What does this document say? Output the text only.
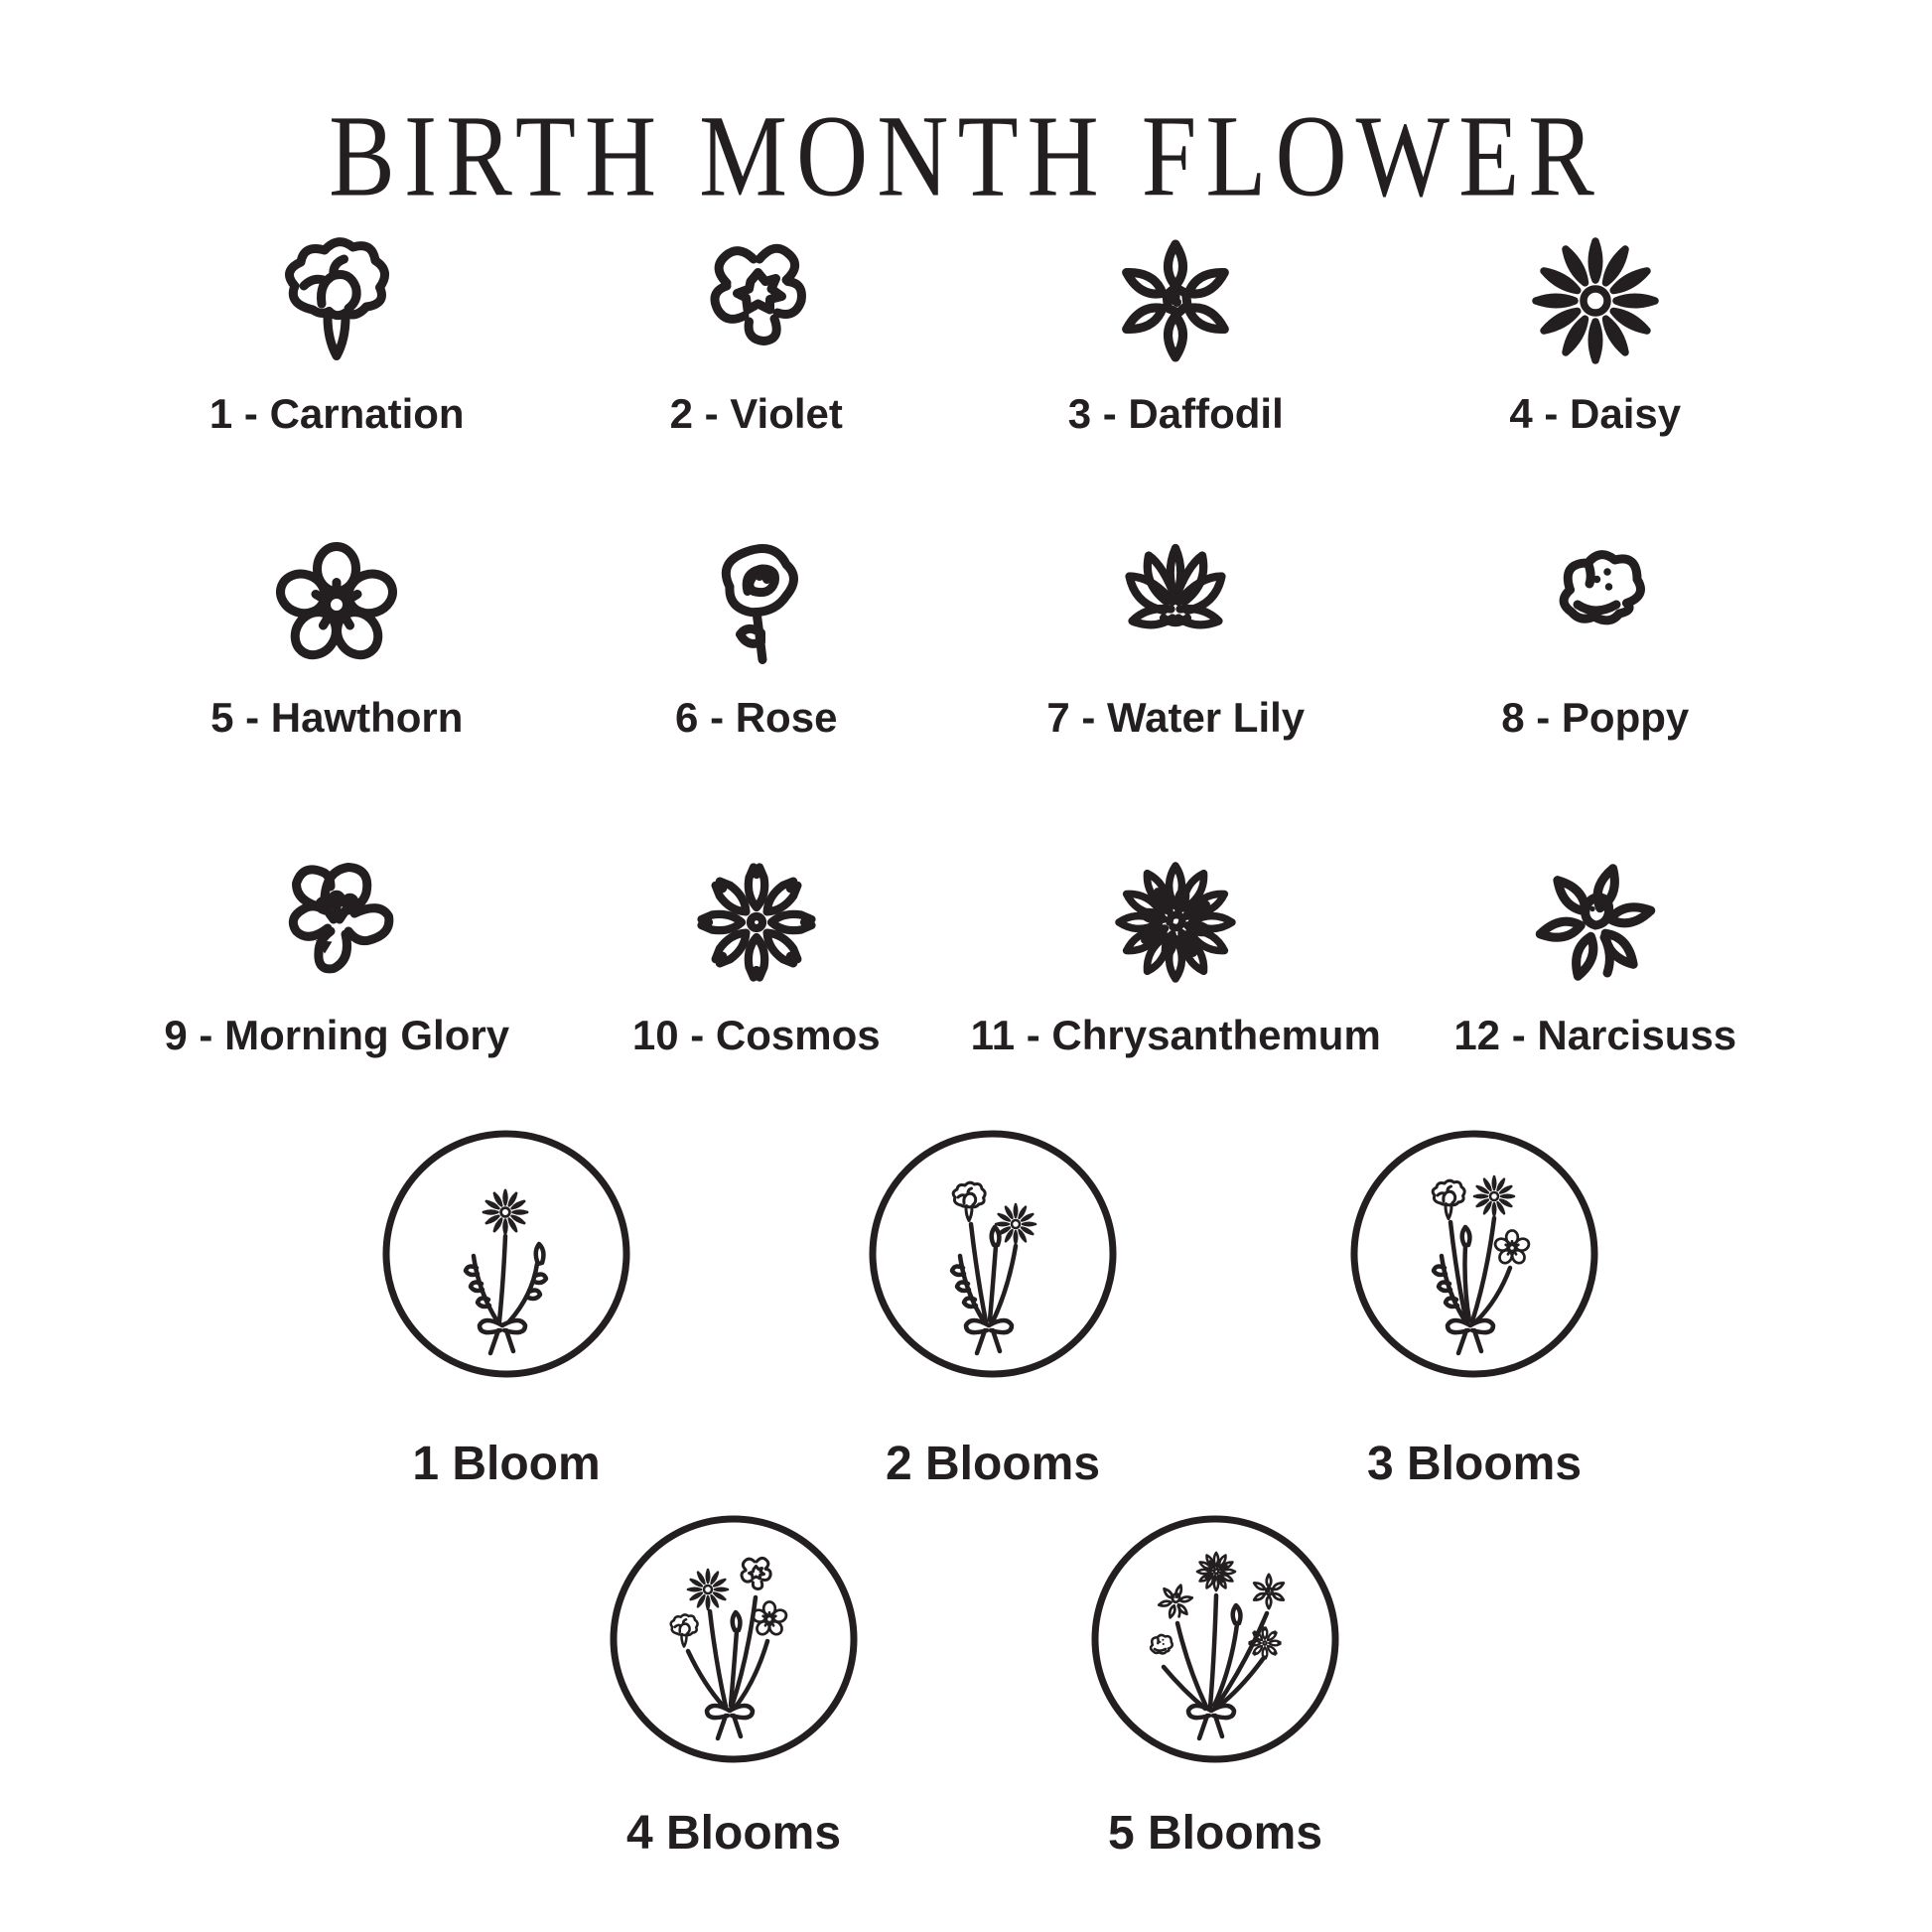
BIRTH MONTH FLOWER
1 - Carnation	2 - Violet	3 - Daffodil	4 - Daisy
5 - Hawthorn	6 - Rose	7 - Water Lily	8 - Poppy
9 - Morning Glory	10 - Cosmos 11 - Chrysanthemum 12 - Narcisuss
1 Bloom	2 Blooms	3 Blooms
4 Blooms	5 Blooms
